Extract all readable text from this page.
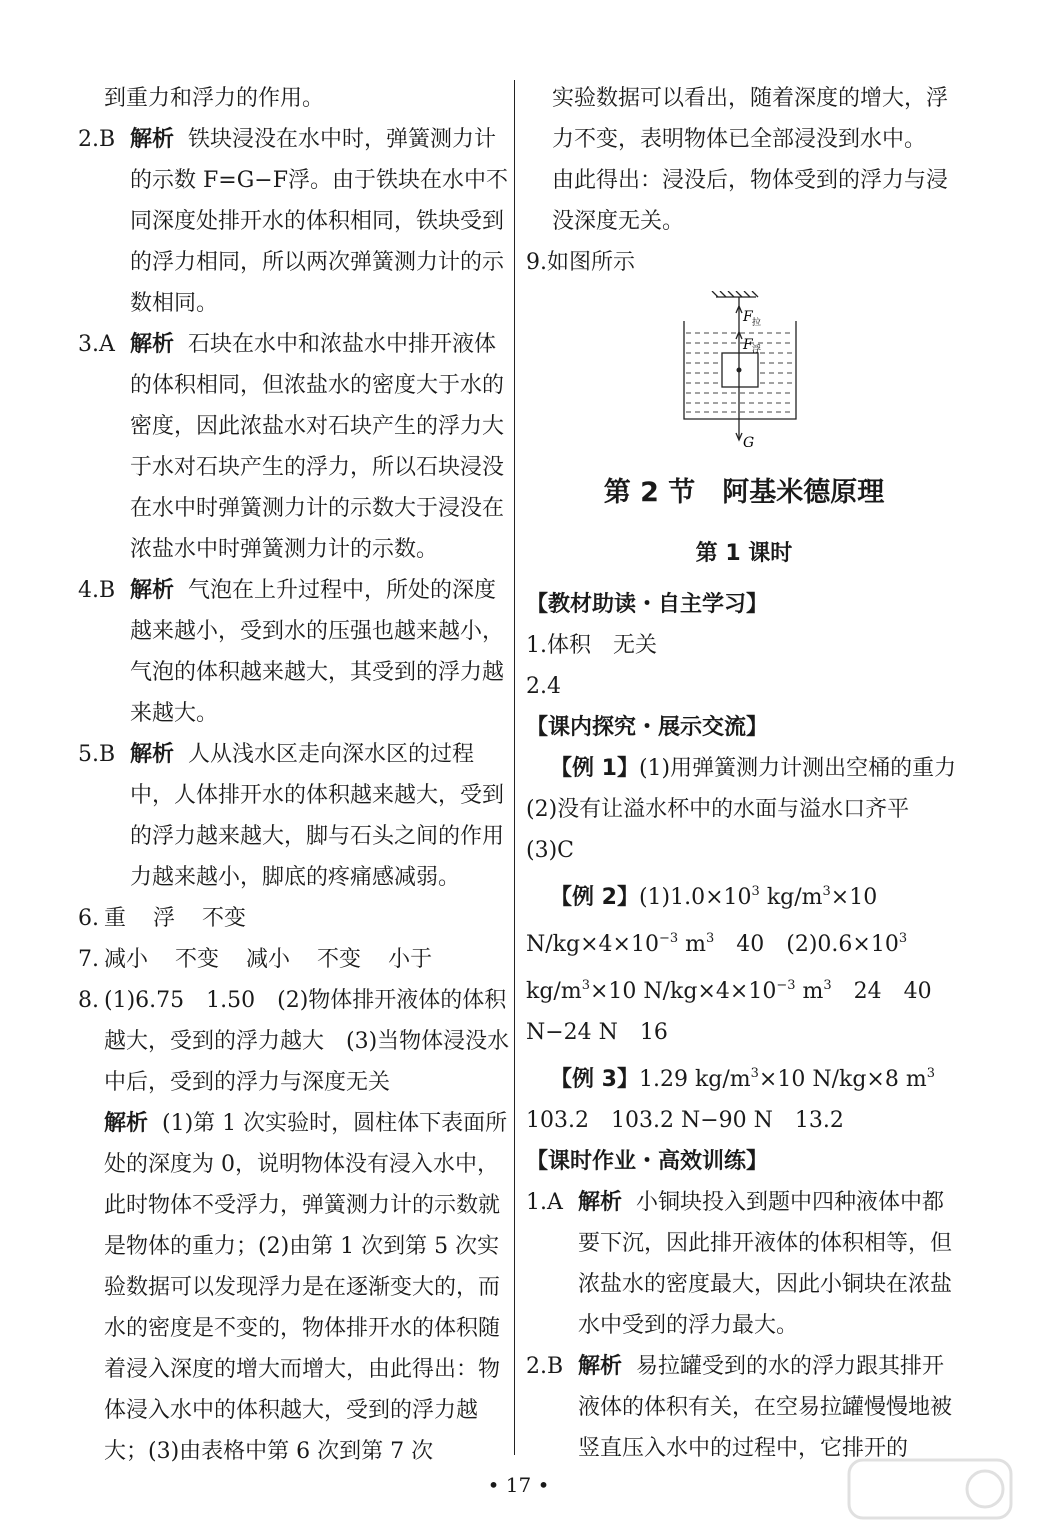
到重力和浮力的作用。

2.B 解析 铁块浸没在水中时，弹簧测力计的示数 F=G−F浮。由于铁块在水中不同深度处排开水的体积相同，铁块受到的浮力相同，所以两次弹簧测力计的示数相同。
3.A 解析 石块在水中和浓盐水中排开液体的体积相同，但浓盐水的密度大于水的密度，因此浓盐水对石块产生的浮力大于水对石块产生的浮力，所以石块浸没在水中时弹簧测力计的示数大于浸没在浓盐水中时弹簧测力计的示数。
4.B 解析 气泡在上升过程中，所处的深度越来越小，受到水的压强也越来越小，气泡的体积越来越大，其受到的浮力越来越大。
5.B 解析 人从浅水区走向深水区的过程中，人体排开水的体积越来越大，受到的浮力越来越大，脚与石头之间的作用力越来越小，脚底的疼痛感减弱。
6. 重 浮 不变
7. 减小 不变 减小 不变 小于
8. (1)6.75　1.50　(2)物体排开液体的体积越大，受到的浮力越大　(3)当物体浸没水中后，受到的浮力与深度无关

解析 (1)第 1 次实验时，圆柱体下表面所处的深度为 0，说明物体没有浸入水中，此时物体不受浮力，弹簧测力计的示数就是物体的重力；(2)由第 1 次到第 5 次实验数据可以发现浮力是在逐渐变大的，而水的密度是不变的，物体排开水的体积随着浸入深度的增大而增大，由此得出：物体浸入水中的体积越大，受到的浮力越大；(3)由表格中第 6 次到第 7 次

实验数据可以看出，随着深度的增大，浮力不变，表明物体已全部浸没到水中。

由此得出：浸没后，物体受到的浮力与浸没深度无关。

9.如图所示

F 拉
F 浮
G
第 2 节　阿基米德原理
第 1 课时

【教材助读・自主学习】

1.体积　无关

2.4

【课内探究・展示交流】

【例 1】(1)用弹簧测力计测出空桶的重力　(2)没有让溢水杯中的水面与溢水口齐平　(3)C

【例 2】$(1)1.0\times 10^3$ $kg/m^3\times 10$ $N/kg\times 4\times 10^{-3}$ $m^3$　40　$(2)0.6\times 10^3$ $kg/m^3\times 10$ $N/kg\times 4\times 10^{-3}$ $m^3$　24　40 N−24 N　16

【例 3】1.29 $kg/m^3\times 10$ N/kg×8 $m^3$

103.2　103.2 N−90 N　13.2

【课时作业・高效训练】

1.A 解析 小铜块投入到题中四种液体中都要下沉，因此排开液体的体积相等，但浓盐水的密度最大，因此小铜块在浓盐水中受到的浮力最大。
2.B 解析 易拉罐受到的水的浮力跟其排开液体的体积有关，在空易拉罐慢慢地被竖直压入水中的过程中，它排开的
• 17 •
